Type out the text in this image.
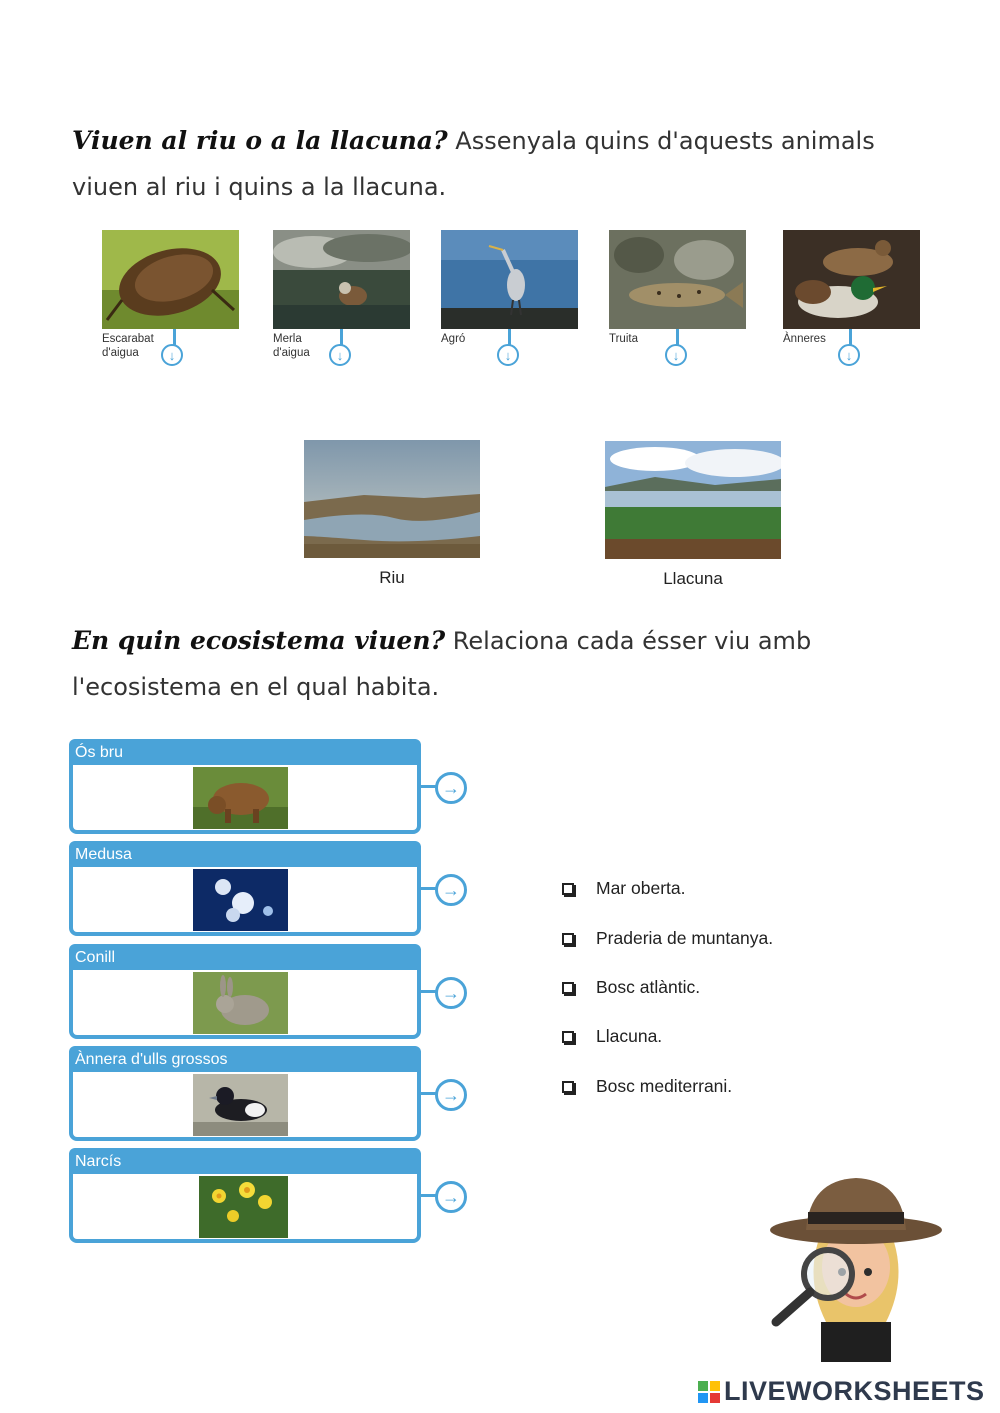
Viuen al riu o a la llacuna? Assenyala quins d'aquests animals viuen al riu i quins a la llacuna.
↓
Escarabat d'aigua	↓
Merla d'aigua	↓
Agró
↓
Truita
↓
Ànneres
Riu	Llacuna
En quin ecosistema viuen? Relaciona cada ésser viu amb l'ecosistema en el qual habita.
Ós bru
→
Medusa
→
Conill
→
Ànnera d'ulls grossos
→
Narcís
→
Mar oberta.
Praderia de muntanya.
Bosc atlàntic.
Llacuna.
Bosc mediterrani.
LIVEWORKSHEETS
